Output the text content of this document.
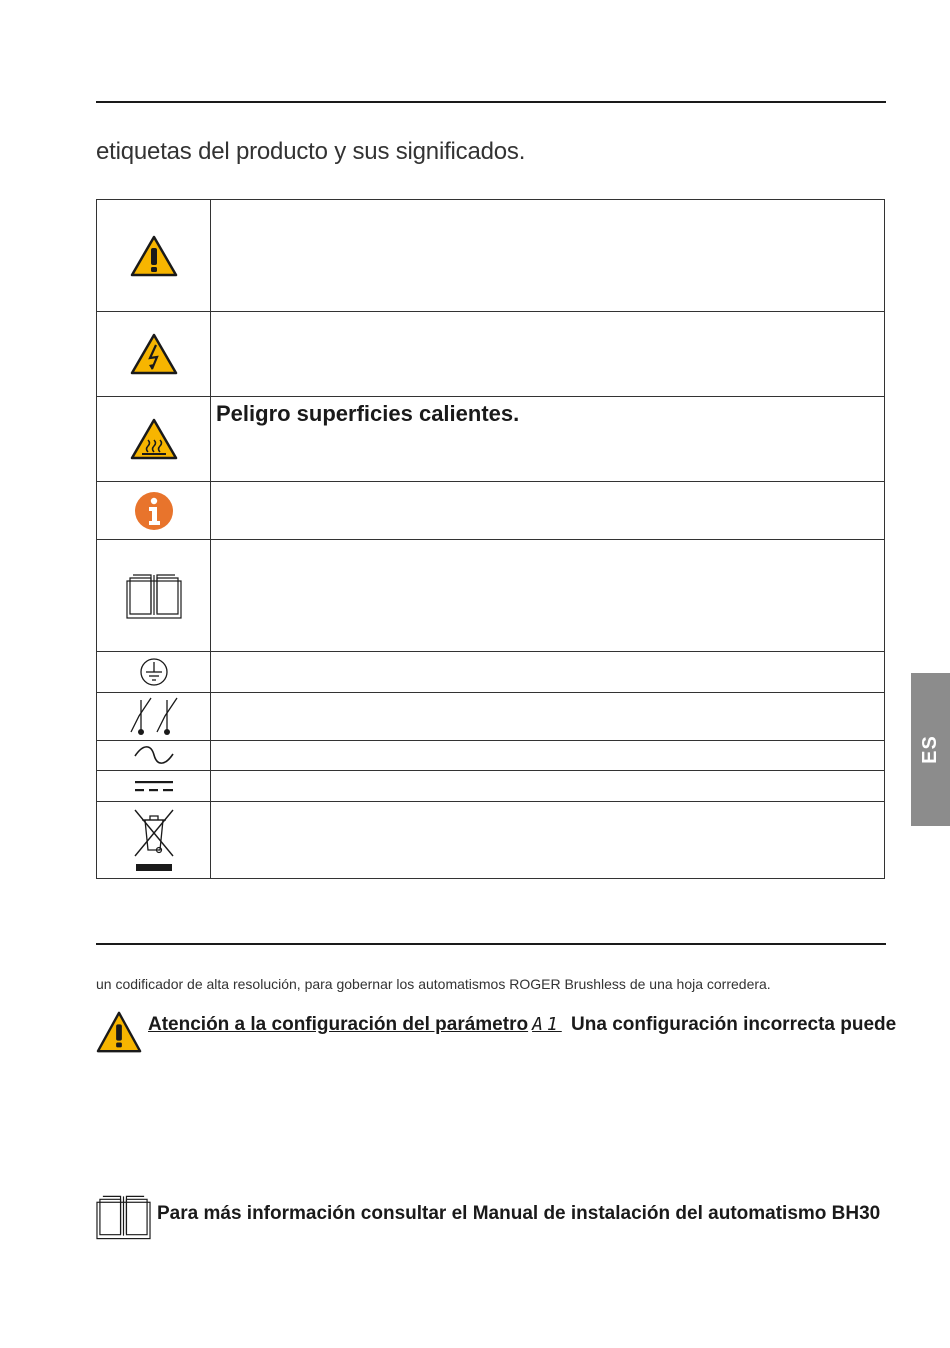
etiquetas del producto y sus significados.

	Peligro superficies calientes.

un codificador de alta resolución, para gobernar los automatismos ROGER Brushless de una hoja corredera.
Atención a la configuración del parámetro A1 Una configuración incorrecta puede
Para más información consultar el Manual de instalación del automatismo BH30
ES
